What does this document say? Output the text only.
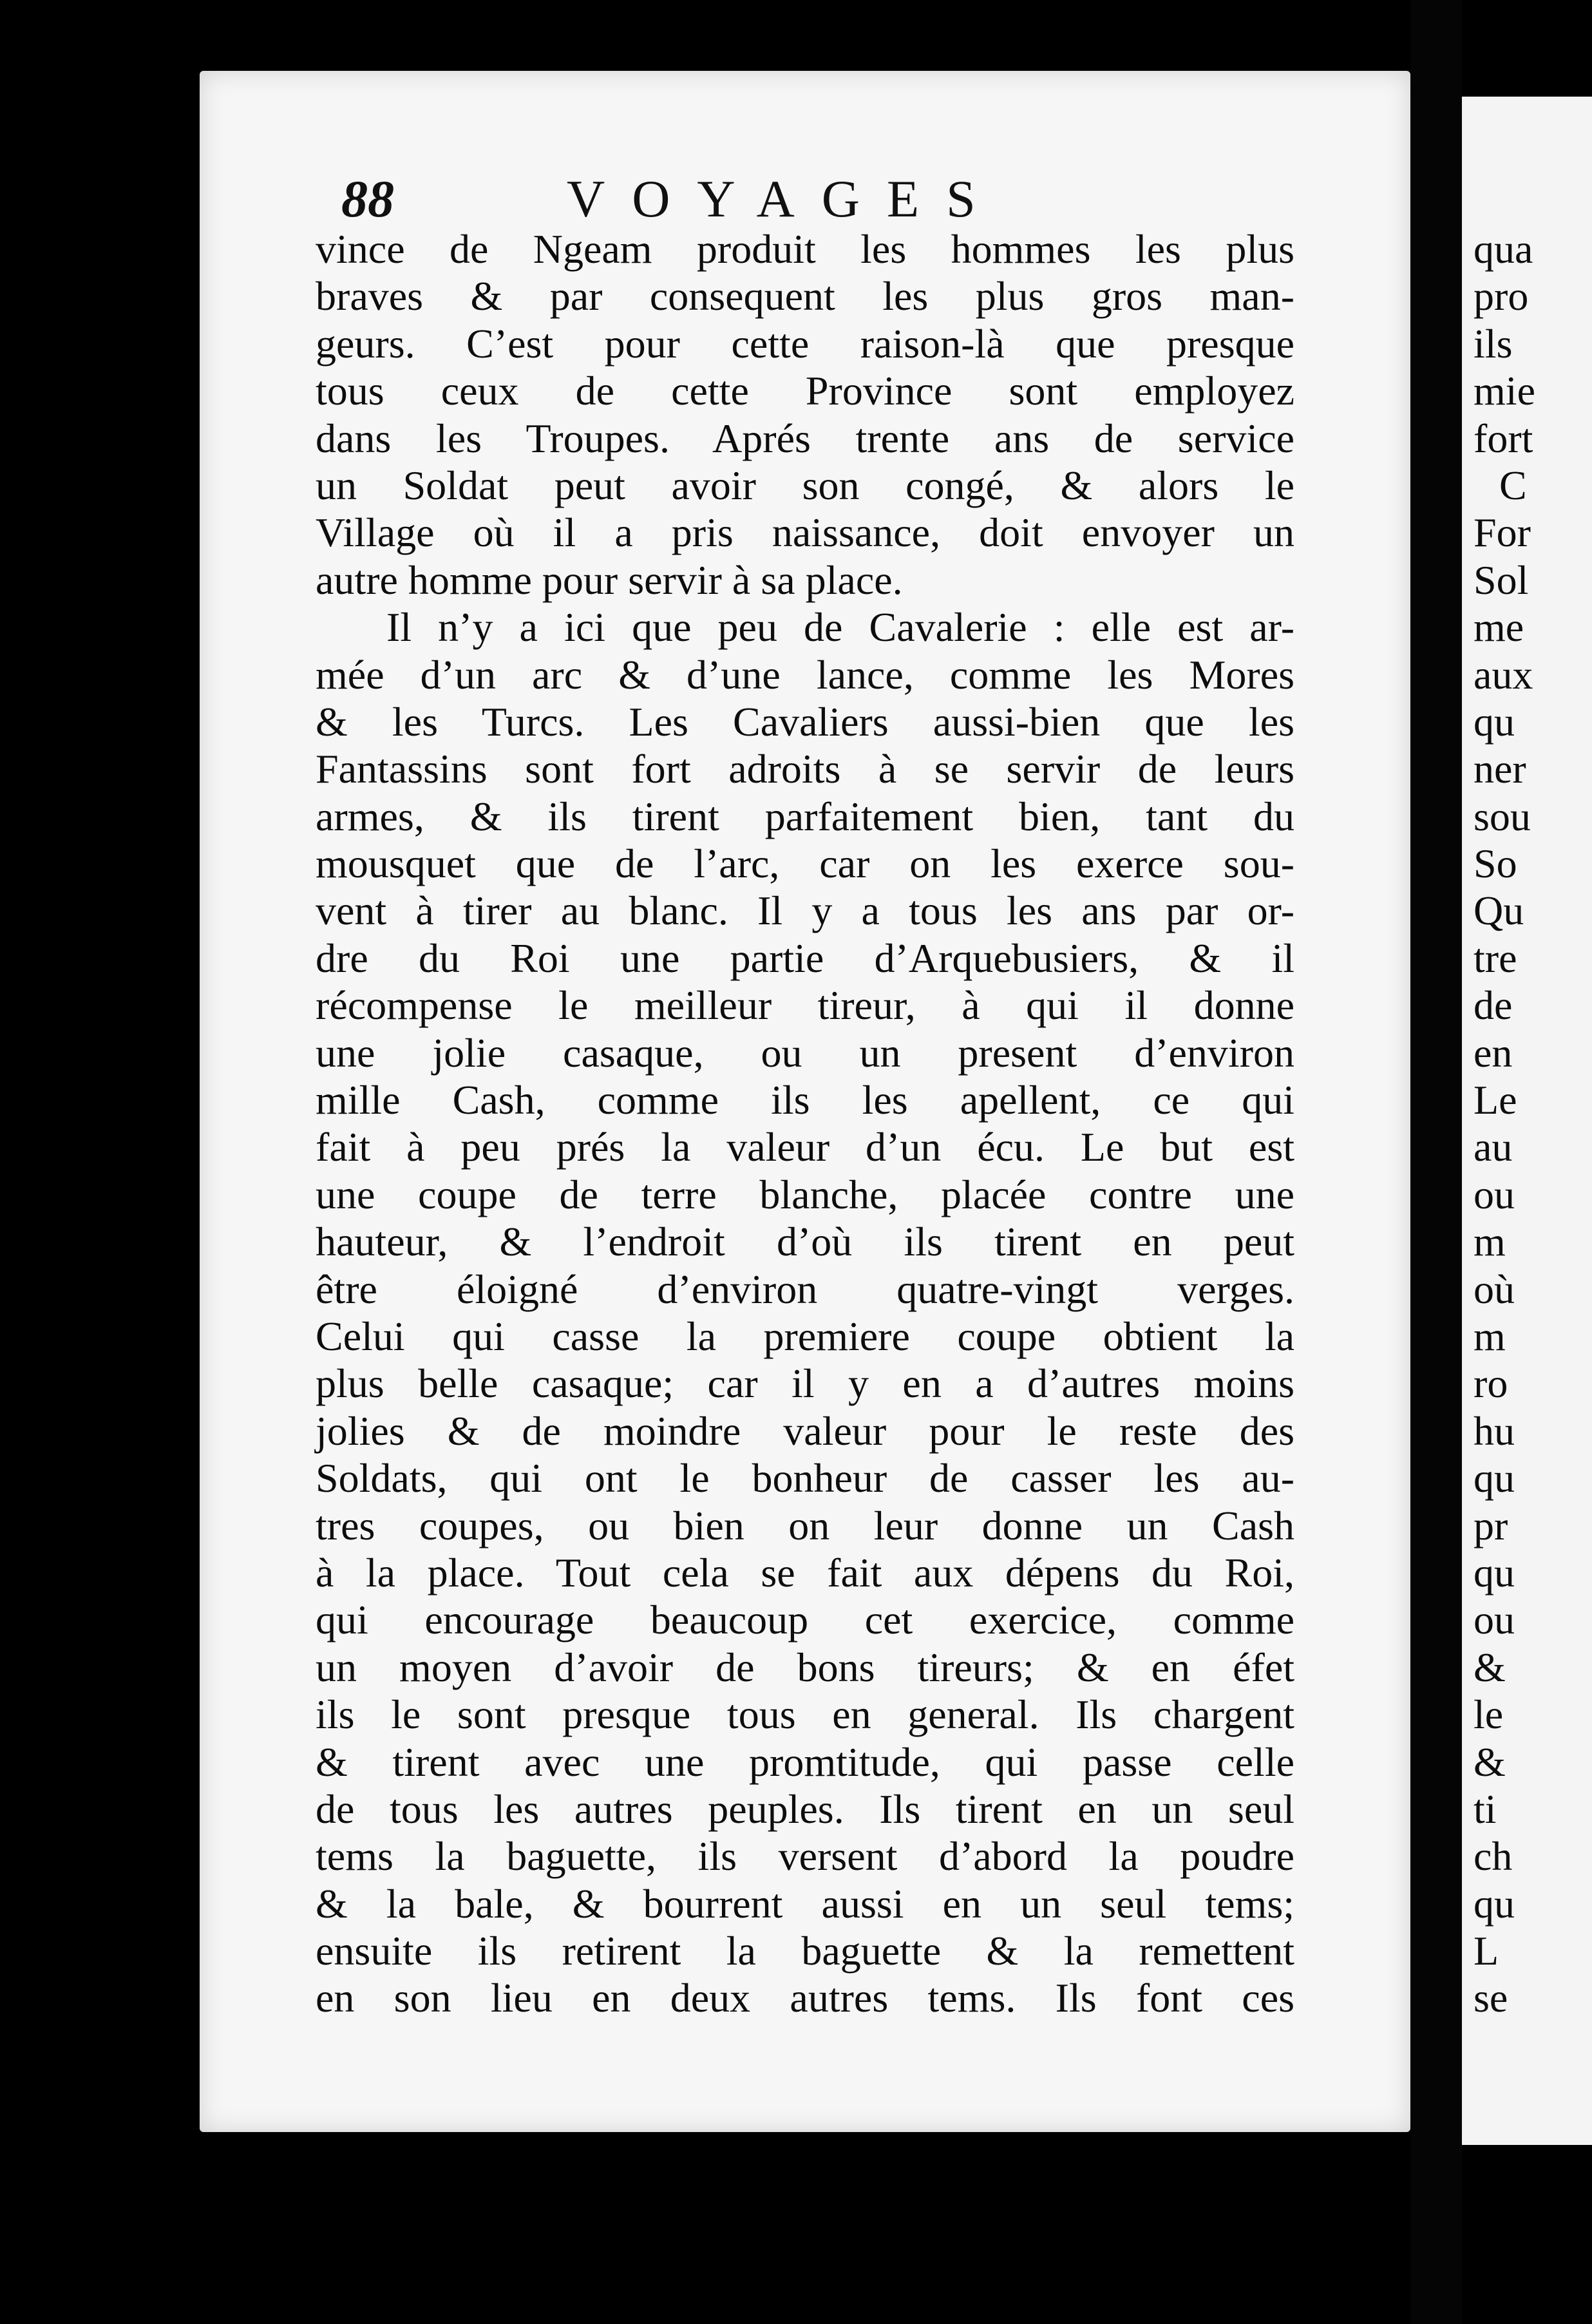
88	VOYAGES
vince de Ngeam produit les hommes les plus
braves & par consequent les plus gros man-
geurs. C’est pour cette raison-là que presque
tous ceux de cette Province sont employez
dans les Troupes. Aprés trente ans de service
un Soldat peut avoir son congé, & alors le
Village où il a pris naissance, doit envoyer un
autre homme pour servir à sa place.
Il n’y a ici que peu de Cavalerie : elle est ar-
mée d’un arc & d’une lance, comme les Mores
& les Turcs. Les Cavaliers aussi-bien que les
Fantassins sont fort adroits à se servir de leurs
armes, & ils tirent parfaitement bien, tant du
mousquet que de l’arc, car on les exerce sou-
vent à tirer au blanc. Il y a tous les ans par or-
dre du Roi une partie d’Arquebusiers, & il
récompense le meilleur tireur, à qui il donne
une jolie casaque, ou un present d’environ
mille Cash, comme ils les apellent, ce qui
fait à peu prés la valeur d’un écu. Le but est
une coupe de terre blanche, placée contre une
hauteur, & l’endroit d’où ils tirent en peut
être éloigné d’environ quatre-vingt verges.
Celui qui casse la premiere coupe obtient la
plus belle casaque; car il y en a d’autres moins
jolies & de moindre valeur pour le reste des
Soldats, qui ont le bonheur de casser les au-
tres coupes, ou bien on leur donne un Cash
à la place. Tout cela se fait aux dépens du Roi,
qui encourage beaucoup cet exercice, comme
un moyen d’avoir de bons tireurs; & en éfet
ils le sont presque tous en general. Ils chargent
& tirent avec une promtitude, qui passe celle
de tous les autres peuples. Ils tirent en un seul
tems la baguette, ils versent d’abord la poudre
& la bale, & bourrent aussi en un seul tems;
ensuite ils retirent la baguette & la remettent
en son lieu en deux autres tems. Ils font ces
qua
pro
ils
mie
fort
C
For
Sol
me
aux
qu
ner
sou
So
Qu
tre
de
en
Le
au
ou
m
où
m
ro
hu
qu
pr
qu
ou
&
le
&
ti
ch
qu
L
se
